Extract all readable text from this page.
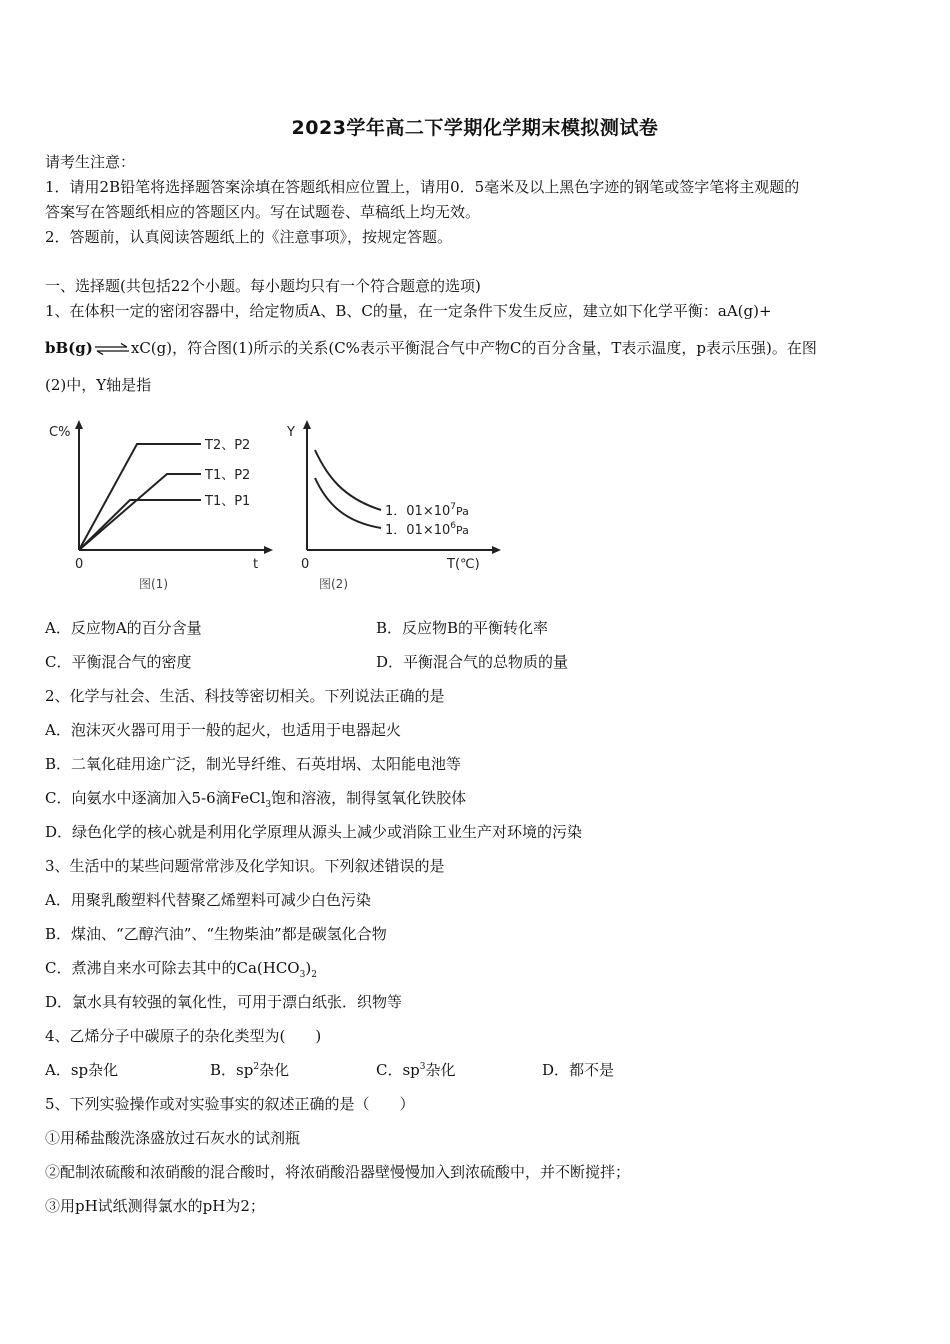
2023学年高二下学期化学期末模拟测试卷
请考生注意：
1．请用2B铅笔将选择题答案涂填在答题纸相应位置上，请用0．5毫米及以上黑色字迹的钢笔或签字笔将主观题的
答案写在答题纸相应的答题区内。写在试题卷、草稿纸上均无效。
2．答题前，认真阅读答题纸上的《注意事项》，按规定答题。
一、选择题(共包括22个小题。每小题均只有一个符合题意的选项)
1、在体积一定的密闭容器中，给定物质A、B、C的量，在一定条件下发生反应，建立如下化学平衡：aA(g)+
bB(g)⇌xC(g)，符合图(1)所示的关系(C%表示平衡混合气中产物C的百分含量，T表示温度，p表示压强)。在图
(2)中，Y轴是指
C%
t
0
T2、P2
T1、P2
T1、P1
图(1)
Y
T(℃)
0
1．$01\times 10^7_{Pa}$
1．$01\times 10^6_{Pa}$
图(2)
A．反应物A的百分含量	B．反应物B的平衡转化率
C．平衡混合气的密度	D．平衡混合气的总物质的量
2、化学与社会、生活、科技等密切相关。下列说法正确的是
A．泡沫灭火器可用于一般的起火，也适用于电器起火
B．二氧化硅用途广泛，制光导纤维、石英坩埚、太阳能电池等
C．向氨水中逐滴加入5-6滴FeCl$_3$饱和溶液，制得氢氧化铁胶体
D．绿色化学的核心就是利用化学原理从源头上减少或消除工业生产对环境的污染
3、生活中的某些问题常常涉及化学知识。下列叙述错误的是
A．用聚乳酸塑料代替聚乙烯塑料可减少白色污染
B．煤油、“乙醇汽油”、“生物柴油”都是碳氢化合物
C．煮沸自来水可除去其中的$Ca(HCO_3)_2$
D．氯水具有较强的氧化性，可用于漂白纸张．织物等
4、乙烯分子中碳原子的杂化类型为(　　)
A．sp杂化	B．$sp^2$杂化	C．$sp^3$杂化	D．都不是
5、下列实验操作或对实验事实的叙述正确的是（　　）
①用稀盐酸洗涤盛放过石灰水的试剂瓶
②配制浓硫酸和浓硝酸的混合酸时，将浓硝酸沿器壁慢慢加入到浓硫酸中，并不断搅拌；
③用pH试纸测得氯水的pH为2；
